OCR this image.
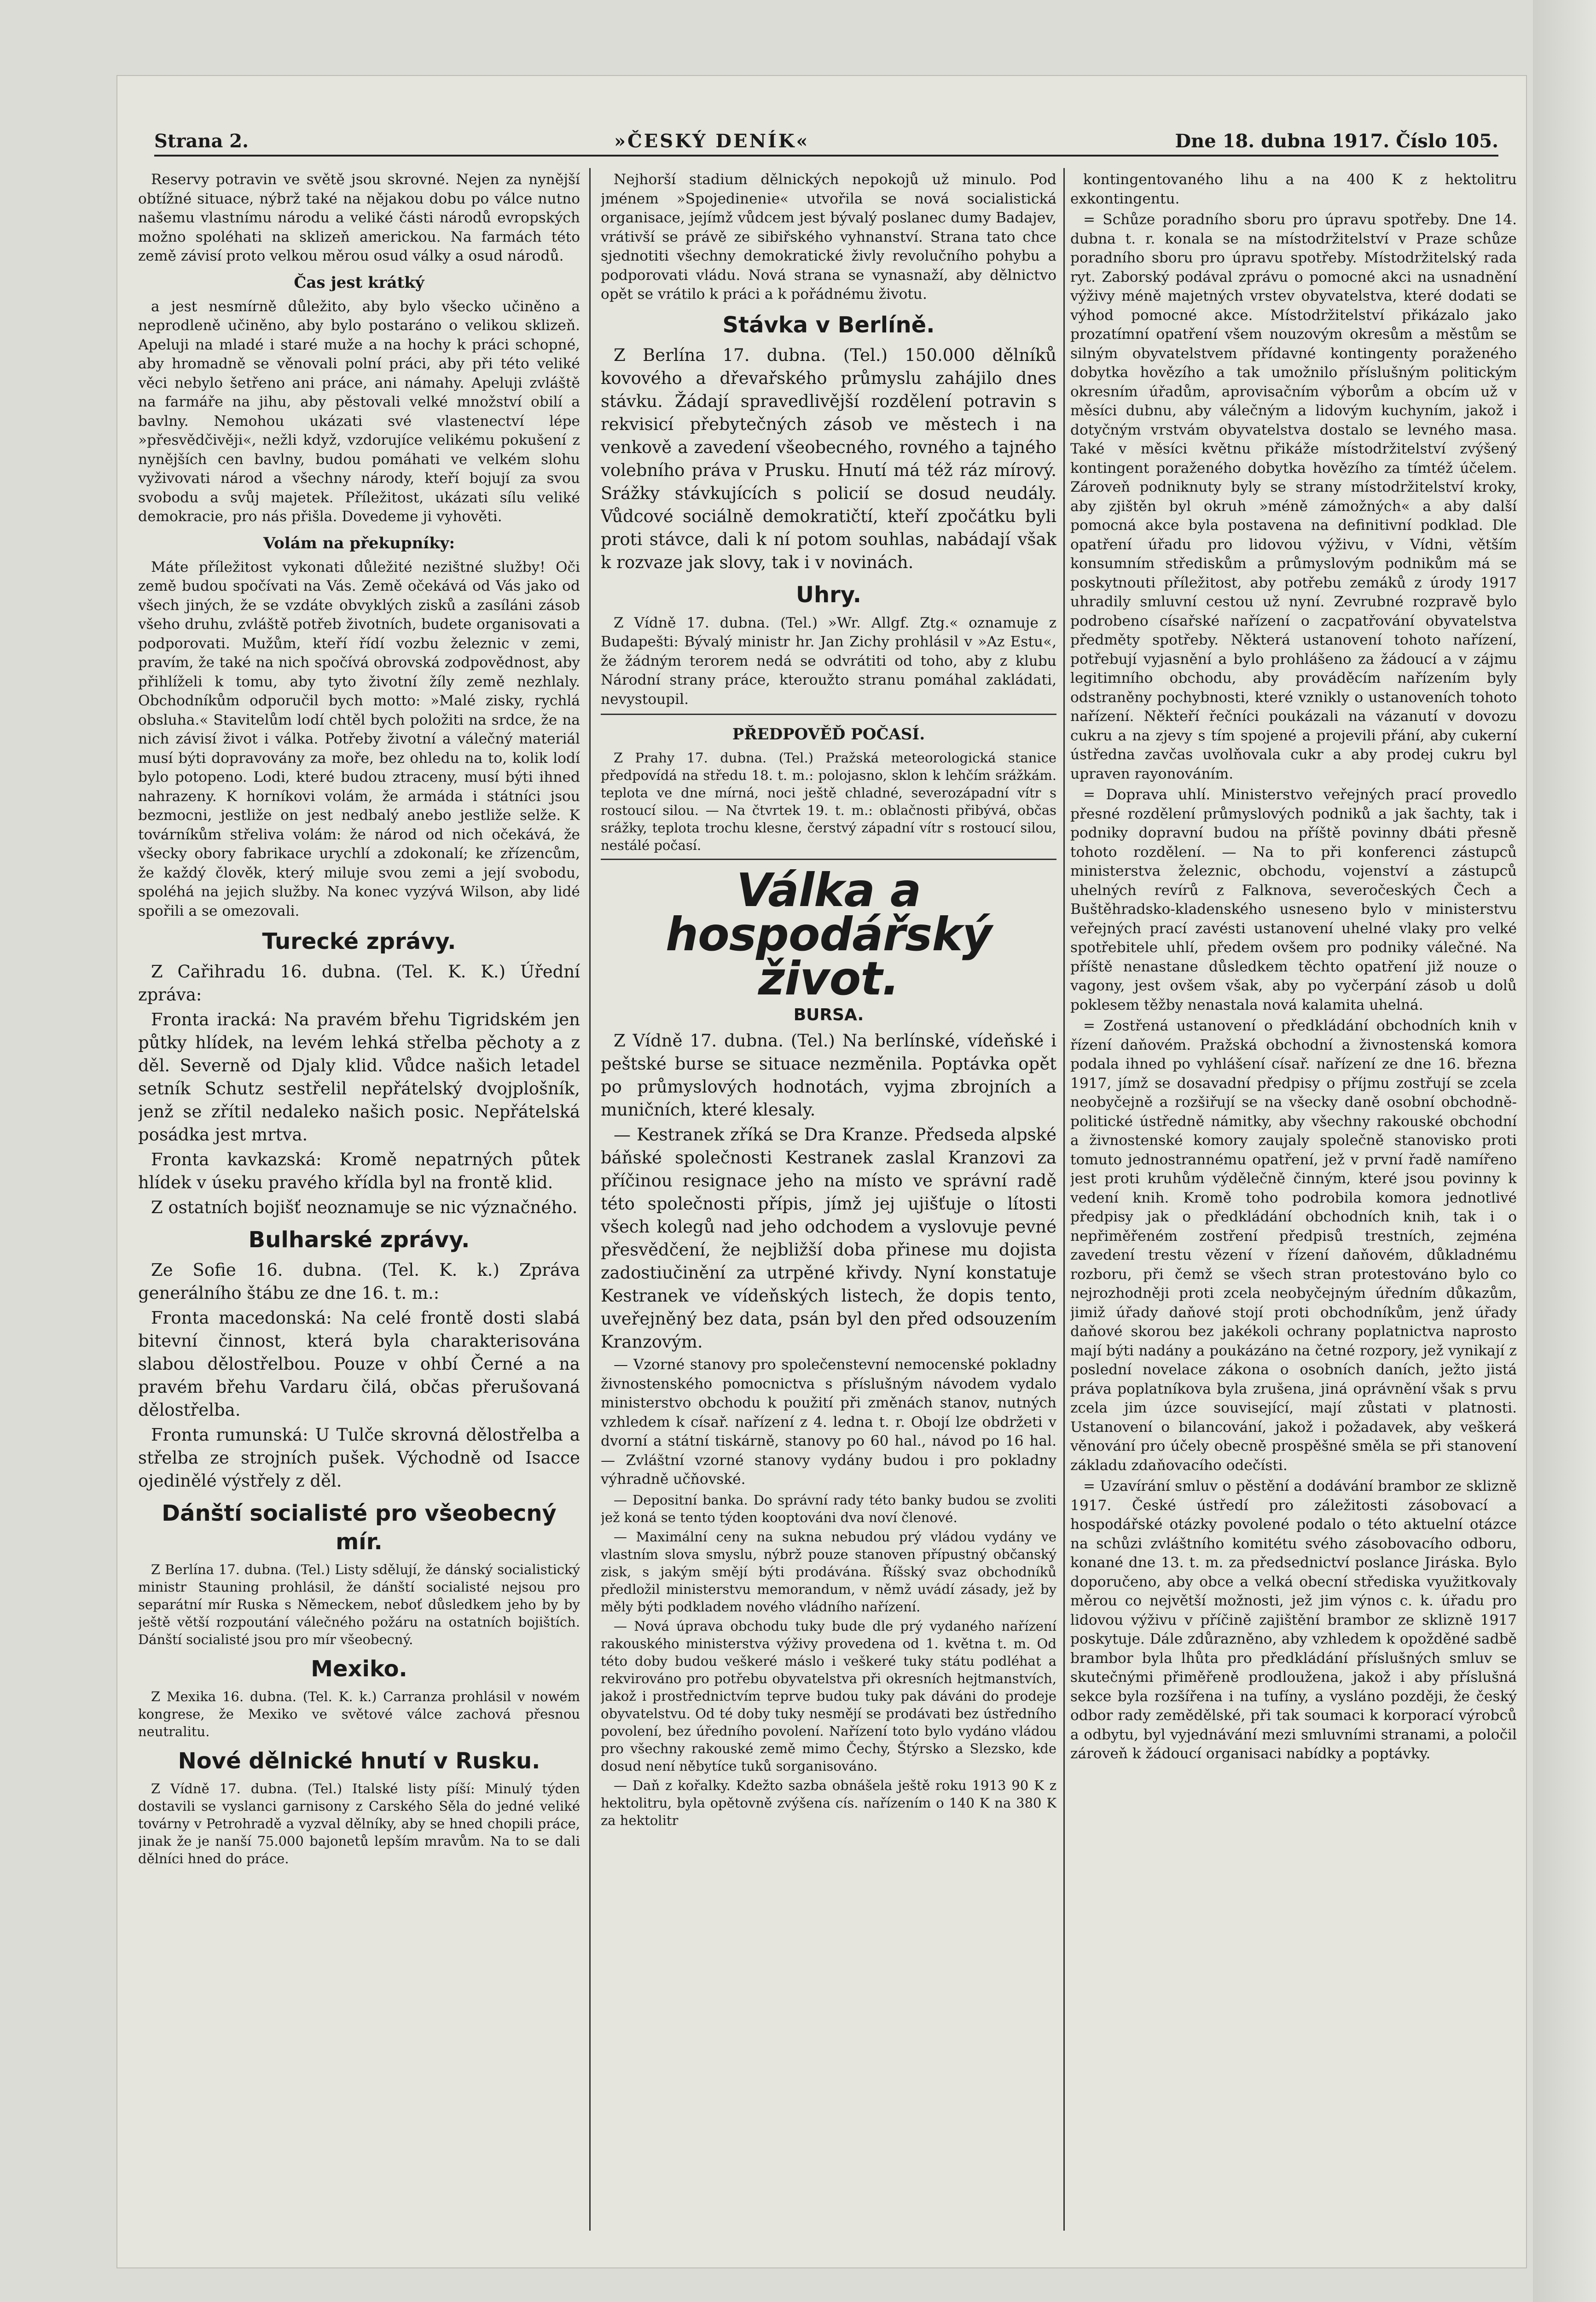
Strana 2.	»ČESKÝ DENÍK«	Dne 18. dubna 1917. Číslo 105.

Reservy potravin ve světě jsou skrovné. Nejen za nynější obtížné situace, nýbrž také na nějakou dobu po válce nutno našemu vlastnímu národu a veliké části národů evropských možno spoléhati na sklizeň americkou. Na farmách této země závisí proto velkou měrou osud války a osud národů.

Čas jest krátký

a jest nesmírně důležito, aby bylo všecko učiněno a neprodleně učiněno, aby bylo postaráno o velikou sklizeň. Apeluji na mladé i staré muže a na hochy k práci schopné, aby hromadně se věnovali polní práci, aby při této veliké věci nebylo šetřeno ani práce, ani námahy. Apeluji zvláště na farmáře na jihu, aby pěstovali velké množství obilí a bavlny. Nemohou ukázati své vlastenectví lépe »přesvědčivěji«, nežli když, vzdorujíce velikému pokušení z nynějších cen bavlny, budou pomáhati ve velkém slohu vyživovati národ a všechny národy, kteří bojují za svou svobodu a svůj majetek. Příležitost, ukázati sílu veliké demokracie, pro nás přišla. Dovedeme ji vyhověti.

Volám na překupníky:

Máte příležitost vykonati důležité nezištné služby! Oči země budou spočívati na Vás. Země očekává od Vás jako od všech jiných, že se vzdáte obvyklých zisků a zasíláni zásob všeho druhu, zvláště potřeb životních, budete organisovati a podporovati. Mužům, kteří řídí vozbu železnic v zemi, pravím, že také na nich spočívá obrovská zodpovědnost, aby přihlíželi k tomu, aby tyto životní žíly země nezhlaly. Obchodníkům odporučil bych motto: »Malé zisky, rychlá obsluha.« Stavitelům lodí chtěl bych položiti na srdce, že na nich závisí život i válka. Potřeby životní a válečný materiál musí býti dopravovány za moře, bez ohledu na to, kolik lodí bylo potopeno. Lodi, které budou ztraceny, musí býti ihned nahrazeny. K horníkovi volám, že armáda i státníci jsou bezmocni, jestliže on jest nedbalý anebo jestliže selže. K továrníkům střeliva volám: že národ od nich očekává, že všecky obory fabrikace urychlí a zdokonalí; ke zřízencům, že každý člověk, který miluje svou zemi a její svobodu, spoléhá na jejich služby. Na konec vyzývá Wilson, aby lidé spořili a se omezovali.

Turecké zprávy.

Z Cařihradu 16. dubna. (Tel. K. K.) Úřední zpráva:

Fronta iracká: Na pravém břehu Tigridském jen půtky hlídek, na levém lehká střelba pěchoty a z děl. Severně od Djaly klid. Vůdce našich letadel setník Schutz sestřelil nepřátelský dvojplošník, jenž se zřítil nedaleko našich posic. Nepřátelská posádka jest mrtva.

Fronta kavkazská: Kromě nepatrných půtek hlídek v úseku pravého křídla byl na frontě klid.

Z ostatních bojišť neoznamuje se nic význačného.

Bulharské zprávy.

Ze Sofie 16. dubna. (Tel. K. k.) Zpráva generálního štábu ze dne 16. t. m.:

Fronta macedonská: Na celé frontě dosti slabá bitevní činnost, která byla charakterisována slabou dělostřelbou. Pouze v ohbí Černé a na pravém břehu Vardaru čilá, občas přerušovaná dělostřelba.

Fronta rumunská: U Tulče skrovná dělostřelba a střelba ze strojních pušek. Východně od Isacce ojedinělé výstřely z děl.

Dánští socialisté pro všeobecný mír.

Z Berlína 17. dubna. (Tel.) Listy sdělují, že dánský socialistický ministr Stauning prohlásil, že dánští socialisté nejsou pro separátní mír Ruska s Německem, neboť důsledkem jeho by by ještě větší rozpoutání válečného požáru na ostatních bojištích. Dánští socialisté jsou pro mír všeobecný.

Mexiko.

Z Mexika 16. dubna. (Tel. K. k.) Carranza prohlásil v nowém kongrese, že Mexiko ve světové válce zachová přesnou neutralitu.

Nové dělnické hnutí v Rusku.

Z Vídně 17. dubna. (Tel.) Italské listy píší: Minulý týden dostavili se vyslanci garnisony z Carského Sěla do jedné veliké továrny v Petrohradě a vyzval dělníky, aby se hned chopili práce, jinak že je nanší 75.000 bajonetů lepším mravům. Na to se dali dělníci hned do práce.

Nejhorší stadium dělnických nepokojů už minulo. Pod jménem »Spojedinenie« utvořila se nová socialistická organisace, jejímž vůdcem jest bývalý poslanec dumy Badajev, vrátivší se právě ze sibiřského vyhnanství. Strana tato chce sjednotiti všechny demokratické živly revolučního pohybu a podporovati vládu. Nová strana se vynasnaží, aby dělnictvo opět se vrátilo k práci a k pořádnému životu.

Stávka v Berlíně.

Z Berlína 17. dubna. (Tel.) 150.000 dělníků kovového a dřevařského průmyslu zahájilo dnes stávku. Žádají spravedlivější rozdělení potravin s rekvisicí přebytečných zásob ve městech i na venkově a zavedení všeobecného, rovného a tajného volebního práva v Prusku. Hnutí má též ráz mírový. Srážky stávkujících s policií se dosud neudály. Vůdcové sociálně demokratičtí, kteří zpočátku byli proti stávce, dali k ní potom souhlas, nabádají však k rozvaze jak slovy, tak i v novinách.

Uhry.

Z Vídně 17. dubna. (Tel.) »Wr. Allgf. Ztg.« oznamuje z Budapešti: Bývalý ministr hr. Jan Zichy prohlásil v »Az Estu«, že žádným terorem nedá se odvrátiti od toho, aby z klubu Národní strany práce, kteroužto stranu pomáhal zakládati, nevystoupil.

PŘEDPOVĚĎ POČASÍ.

Z Prahy 17. dubna. (Tel.) Pražská meteorologická stanice předpovídá na středu 18. t. m.: polojasno, sklon k lehčím srážkám. teplota ve dne mírná, noci ještě chladné, severozápadní vítr s rostoucí silou. — Na čtvrtek 19. t. m.: oblačnosti přibývá, občas srážky, teplota trochu klesne, čerstvý západní vítr s rostoucí silou, nestálé počasí.

Válka a hospodářský život.
BURSA.

Z Vídně 17. dubna. (Tel.) Na berlínské, vídeňské i peštské burse se situace nezměnila. Poptávka opět po průmyslových hodnotách, vyjma zbrojních a muničních, které klesaly.

— Kestranek zříká se Dra Kranze. Předseda alpské báňské společnosti Kestranek zaslal Kranzovi za příčinou resignace jeho na místo ve správní radě této společnosti přípis, jímž jej ujišťuje o lítosti všech kolegů nad jeho odchodem a vyslovuje pevné přesvědčení, že nejbližší doba přinese mu dojista zadostiučinění za utrpěné křivdy. Nyní konstatuje Kestranek ve vídeňských listech, že dopis tento, uveřejněný bez data, psán byl den před odsouzením Kranzovým.

— Vzorné stanovy pro společenstevní nemocenské pokladny živnostenského pomocnictva s příslušným návodem vydalo ministerstvo obchodu k použití při změnách stanov, nutných vzhledem k císař. nařízení z 4. ledna t. r. Obojí lze obdržeti v dvorní a státní tiskárně, stanovy po 60 hal., návod po 16 hal. — Zvláštní vzorné stanovy vydány budou i pro pokladny výhradně učňovské.

— Depositní banka. Do správní rady této banky budou se zvoliti jež koná se tento týden kooptováni dva noví členové.

— Maximální ceny na sukna nebudou prý vládou vydány ve vlastním slova smyslu, nýbrž pouze stanoven přípustný občanský zisk, s jakým smějí býti prodávána. Říšský svaz obchodníků předložil ministerstvu memorandum, v němž uvádí zásady, jež by měly býti podkladem nového vládního nařízení.

— Nová úprava obchodu tuky bude dle prý vydaného nařízení rakouského ministerstva výživy provedena od 1. května t. m. Od této doby budou veškeré máslo i veškeré tuky státu podléhat a rekvirováno pro potřebu obyvatelstva při okresních hejtmanstvích, jakož i prostřednictvím teprve budou tuky pak dáváni do prodeje obyvatelstvu. Od té doby tuky nesmějí se prodávati bez ústředního povolení, bez úředního povolení. Nařízení toto bylo vydáno vládou pro všechny rakouské země mimo Čechy, Štýrsko a Slezsko, kde dosud není něbytíce tuků sorganisováno.

— Daň z kořalky. Kdežto sazba obnášela ještě roku 1913 90 K z hektolitru, byla opětovně zvýšena cís. nařízením o 140 K na 380 K za hektolitr

kontingentovaného lihu a na 400 K z hektolitru exkontingentu.

= Schůze poradního sboru pro úpravu spotřeby. Dne 14. dubna t. r. konala se na místodržitelství v Praze schůze poradního sboru pro úpravu spotřeby. Místodržitelský rada ryt. Zaborský podával zprávu o pomocné akci na usnadnění výživy méně majetných vrstev obyvatelstva, které dodati se výhod pomocné akce. Místodržitelství přikázalo jako prozatímní opatření všem nouzovým okresům a městům se silným obyvatelstvem přídavné kontingenty poraženého dobytka hovězího a tak umožnilo příslušným politickým okresním úřadům, aprovisačním výborům a obcím už v měsíci dubnu, aby válečným a lidovým kuchyním, jakož i dotyčným vrstvám obyvatelstva dostalo se levného masa. Také v měsíci květnu přikáže místodržitelství zvýšený kontingent poraženého dobytka hovězího za tímtéž účelem. Zároveň podniknuty byly se strany místodržitelství kroky, aby zjištěn byl okruh »méně zámožných« a aby další pomocná akce byla postavena na definitivní podklad. Dle opatření úřadu pro lidovou výživu, v Vídni, větším konsumním střediskům a průmyslovým podnikům má se poskytnouti příležitost, aby potřebu zemáků z úrody 1917 uhradily smluvní cestou už nyní. Zevrubné rozpravě bylo podrobeno císařské nařízení o zacpatřování obyvatelstva předměty spotřeby. Některá ustanovení tohoto nařízení, potřebují vyjasnění a bylo prohlášeno za žádoucí a v zájmu legitimního obchodu, aby prováděcím nařízením byly odstraněny pochybnosti, které vznikly o ustanoveních tohoto nařízení. Někteří řečníci poukázali na vázanutí v dovozu cukru a na zjevy s tím spojené a projevili přání, aby cukerní ústředna zavčas uvolňovala cukr a aby prodej cukru byl upraven rayonováním.

= Doprava uhlí. Ministerstvo veřejných prací provedlo přesné rozdělení průmyslových podniků a jak šachty, tak i podniky dopravní budou na příště povinny dbáti přesně tohoto rozdělení. — Na to při konferenci zástupců ministerstva železnic, obchodu, vojenství a zástupců uhelných revírů z Falknova, severočeských Čech a Buštěhradsko-kladenského usneseno bylo v ministerstvu veřejných prací zavésti ustanovení uhelné vlaky pro velké spotřebitele uhlí, předem ovšem pro podniky válečné. Na příště nenastane důsledkem těchto opatření již nouze o vagony, jest ovšem však, aby po vyčerpání zásob u dolů poklesem těžby nenastala nová kalamita uhelná.

= Zostřená ustanovení o předkládání obchodních knih v řízení daňovém. Pražská obchodní a živnostenská komora podala ihned po vyhlášení císař. nařízení ze dne 16. března 1917, jímž se dosavadní předpisy o příjmu zostřují se zcela neobyčejně a rozšiřují se na všecky daně osobní obchodně-politické ústředně námitky, aby všechny rakouské obchodní a živnostenské komory zaujaly společně stanovisko proti tomuto jednostrannému opatření, jež v první řadě namířeno jest proti kruhům výdělečně činným, které jsou povinny k vedení knih. Kromě toho podrobila komora jednotlivé předpisy jak o předkládání obchodních knih, tak i o nepřiměřeném zostření předpisů trestních, zejména zavedení trestu vězení v řízení daňovém, důkladnému rozboru, při čemž se všech stran protestováno bylo co nejrozhodněji proti zcela neobyčejným úředním důkazům, jimiž úřady daňové stojí proti obchodníkům, jenž úřady daňové skorou bez jakékoli ochrany poplatnictva naprosto mají býti nadány a poukázáno na četné rozpory, jež vynikají z poslední novelace zákona o osobních daních, ježto jistá práva poplatníkova byla zrušena, jiná oprávnění však s prvu zcela jim úzce související, mají zůstati v platnosti. Ustanovení o bilancování, jakož i požadavek, aby veškerá věnování pro účely obecně prospěšné směla se při stanovení základu zdaňovacího odečísti.

= Uzavírání smluv o pěstění a dodávání brambor ze sklizně 1917. České ústředí pro záležitosti zásobovací a hospodářské otázky povolené podalo o této aktuelní otázce na schůzi zvláštního komitétu svého zásobovacího odboru, konané dne 13. t. m. za předsednictví poslance Jiráska. Bylo doporučeno, aby obce a velká obecní střediska využitkovaly měrou co největší možnosti, jež jim výnos c. k. úřadu pro lidovou výživu v příčině zajištění brambor ze sklizně 1917 poskytuje. Dále zdůrazněno, aby vzhledem k opožděné sadbě brambor byla lhůta pro předkládání příslušných smluv se skutečnými přiměřeně prodloužena, jakož i aby příslušná sekce byla rozšířena i na tufíny, a vysláno později, že český odbor rady zemědělské, při tak soumaci k korporací výrobců a odbytu, byl vyjednávání mezi smluvními stranami, a poločil zároveň k žádoucí organisaci nabídky a poptávky.
